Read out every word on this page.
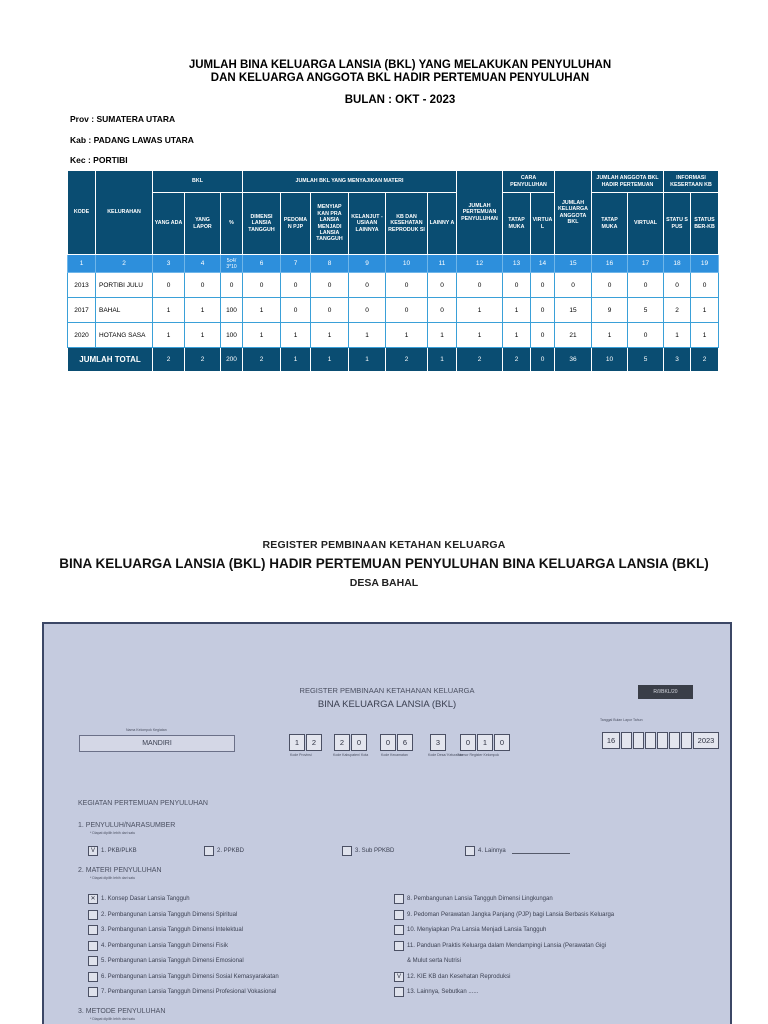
JUMLAH BINA KELUARGA LANSIA (BKL) YANG MELAKUKAN PENYULUHAN
DAN KELUARGA ANGGOTA BKL HADIR PERTEMUAN PENYULUHAN
BULAN : OKT - 2023
Prov : SUMATERA UTARA
Kab : PADANG LAWAS UTARA
Kec : PORTIBI
KODE	KELURAHAN	BKL			JUMLAH BKL YANG MENYAJIKAN MATERI						JUMLAH PERTEMUAN PENYULUHAN	CARA PENYULUHAN		JUMLAH KELUARGA ANGGOTA BKL	JUMLAH ANGGOTA BKL HADIR PERTEMUAN		INFORMASI KESERTAAN KB	
		YANG ADA	YANG LAPOR	%	DIMENSI LANSIA TANGGUH	PEDOMA N PJP	MENYIAP KAN PRA LANSIA MENJADI LANSIA TANGGUH	KELANJUT -USIAAN LAINNYA	KB DAN KESEHATAN REPRODUK SI	LAINNY A		TATAP MUKA	VIRTUA L		TATAP MUKA	VIRTUAL	STATU S PUS	STATUS BER-KB
1	2	3	4	5c4/ 3*10	6	7	8	9	10	11	12	13	14	15	16	17	18	19
2013	PORTIBI JULU	0	0	0	0	0	0	0	0	0	0	0	0	0	0	0	0	0
2017	BAHAL	1	1	100	1	0	0	0	0	0	1	1	0	15	9	5	2	1
2020	HOTANG SASA	1	1	100	1	1	1	1	1	1	1	1	0	21	1	0	1	1
JUMLAH TOTAL		2	2	200	2	1	1	1	2	1	2	2	0	36	10	5	3	2
REGISTER PEMBINAAN KETAHAN KELUARGA
BINA KELUARGA LANSIA (BKL) HADIR PERTEMUAN PENYULUHAN BINA KELUARGA LANSIA (BKL)
DESA BAHAL
REGISTER PEMBINAAN KETAHANAN KELUARGA
BINA KELUARGA LANSIA (BKL)
R/I/BKL/20
Nama Kelompok Kegiatan
MANDIRI	1	2	2	0	0	6	3	0	1	0
Kode Provinsi	Kode Kabupaten/ Kota	Kode Kecamatan	Kode Desa/ Kelurahan
Nomor Register Kelompok
Tanggal Bulan Lapor Tahun
16	2023
KEGIATAN PERTEMUAN PENYULUHAN
1. PENYULUH/NARASUMBER
* Diapat dipilih lebih dari satu
V	1. PKB/PLKB	2. PPKBD	3. Sub PPKBD	4. Lainnya
2. MATERI PENYULUHAN
* Diapat dipilih lebih dari satu
3. METODE PENYULUHAN
* Diapat dipilih lebih dari satu
✕ 1. Konsep Dasar Lansia Tangguh
2. Pembangunan Lansia Tangguh Dimensi Spiritual
3. Pembangunan Lansia Tangguh Dimensi Intelektual
4. Pembangunan Lansia Tangguh Dimensi Fisik
5. Pembangunan Lansia Tangguh Dimensi Emosional
6. Pembangunan Lansia Tangguh Dimensi Sosial Kemasyarakatan
7. Pembangunan Lansia Tangguh Dimensi Profesional Vokasional
8. Pembangunan Lansia Tangguh Dimensi Lingkungan
9. Pedoman Perawatan Jangka Panjang (PJP) bagi Lansia Berbasis Keluarga
10. Menyiapkan Pra Lansia Menjadi Lansia Tangguh
11. Panduan Praktis Keluarga dalam Mendampingi Lansia (Perawatan Gigi
& Mulut serta Nutrisi
V	12. KIE KB dan Kesehatan Reproduksi
13. Lainnya, Sebutkan ......
